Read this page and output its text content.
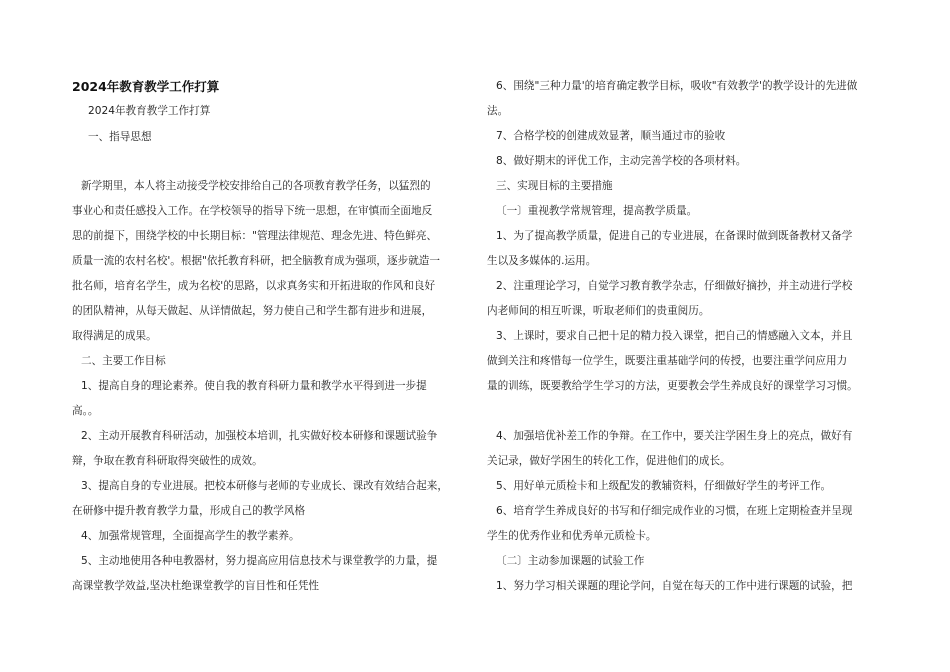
2024年教育教学工作打算
2024年教育教学工作打算
一、指导思想
新学期里，本人将主动接受学校安排给自己的各项教育教学任务，以猛烈的
事业心和责任感投入工作。在学校领导的指导下统一思想，在审慎而全面地反
思的前提下，围绕学校的中长期目标："管理法律规范、理念先进、特色鲜亮、
质量一流的农村名校'。根据"依托教育科研，把全脑教育成为强项，逐步就造一
批名师，培育名学生，成为名校'的思路，以求真务实和开拓进取的作风和良好
的团队精神，从每天做起、从详情做起，努力使自己和学生都有进步和进展，
取得满足的成果。
二、主要工作目标
1、提高自身的理论素养。使自我的教育科研力量和教学水平得到进一步提
高。。
2、主动开展教育科研活动，加强校本培训，扎实做好校本研修和课题试验争
辩，争取在教育科研取得突破性的成效。
3、提高自身的专业进展。把校本研修与老师的专业成长、课改有效结合起来，
在研修中提升教育教学力量，形成自己的教学风格
4、加强常规管理，全面提高学生的教学素养。
5、主动地使用各种电教器材，努力提高应用信息技术与课堂教学的力量，提
高课堂教学效益,坚决杜绝课堂教学的盲目性和任凭性
6、围绕"三种力量'的培育确定教学目标，吸收"有效教学'的教学设计的先进做
法。
7、合格学校的创建成效显著，顺当通过市的验收
8、做好期末的评优工作，主动完善学校的各项材料。
三、实现目标的主要措施
〔一〕重视教学常规管理，提高教学质量。
1、为了提高教学质量，促进自己的专业进展，在备课时做到既备教材又备学
生以及多媒体的.运用。
2、注重理论学习，自觉学习教育教学杂志，仔细做好摘抄，并主动进行学校
内老师间的相互听课，听取老师们的贵重阅历。
3、上课时，要求自己把十足的精力投入课堂，把自己的情感融入文本，并且
做到关注和疼惜每一位学生，既要注重基础学问的传授，也要注重学问应用力
量的训练，既要教给学生学习的方法，更要教会学生养成良好的课堂学习习惯。
4、加强培优补差工作的争辩。在工作中，要关注学困生身上的亮点，做好有
关记录，做好学困生的转化工作，促进他们的成长。
5、用好单元质检卡和上级配发的教辅资料，仔细做好学生的考评工作。
6、培育学生养成良好的书写和仔细完成作业的习惯，在班上定期检查并呈现
学生的优秀作业和优秀单元质检卡。
〔二〕主动参加课题的试验工作
1、努力学习相关课题的理论学问，自觉在每天的工作中进行课题的试验，把
